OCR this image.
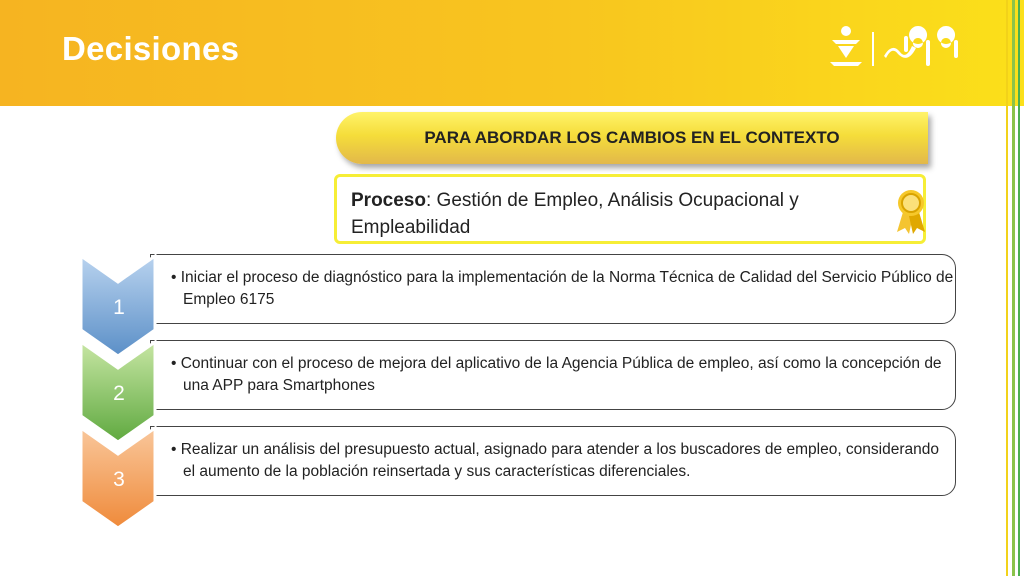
Decisiones
PARA ABORDAR LOS CAMBIOS EN EL CONTEXTO
Proceso: Gestión de Empleo, Análisis Ocupacional y Empleabilidad
• Iniciar el proceso de diagnóstico para la implementación de la Norma Técnica de Calidad del Servicio Público de Empleo 6175
1
• Continuar con el proceso de mejora del aplicativo de la Agencia Pública de empleo, así como la concepción de una APP para Smartphones
2
• Realizar un análisis del presupuesto actual, asignado para atender a los buscadores de empleo, considerando el aumento de la población reinsertada y sus características diferenciales.
3
